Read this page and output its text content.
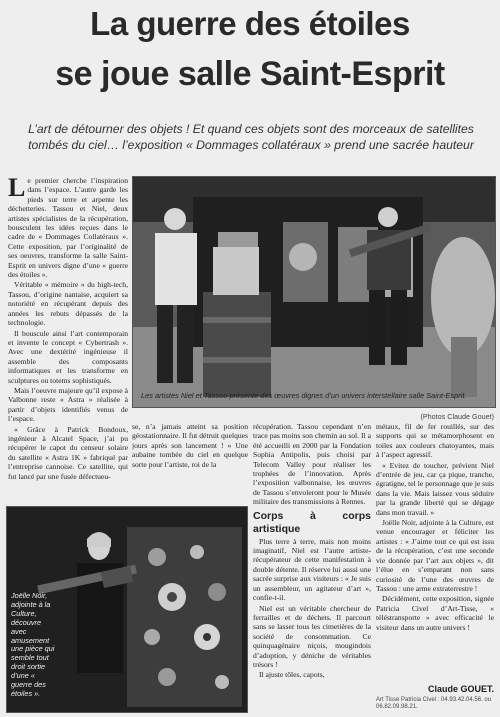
La guerre des étoiles
se joue salle Saint-Esprit
L’art de détourner des objets ! Et quand ces objets sont des morceaux de satellites tombés du ciel… l’exposition « Dommages collatéraux » prend une sacrée hauteur

Le premier cherche l’inspiration dans l’espace. L’autre garde les pieds sur terre et arpente les déchetteries. Tassou et Niel, deux artistes spécialistes de la récupération, bousculent les idées reçues dans le cadre de « Dommages Collatéraux ». Cette exposition, par l’originalité de ses oeuvres, transforme la salle Saint-Esprit en univers digne d’une « guerre des étoiles ».

Véritable « mémoire » du high-tech, Tassou, d’origine nantaise, acquiert sa notoriété en récupérant depuis des années les rebuts dépassés de la technologie.

Il bouscule ainsi l’art contemporain et invente le concept « Cybertrash ». Avec une dextérité ingénieuse il assemble des composants informatiques et les transforme en sculptures ou totems sophistiqués.

Mais l’oeuvre majeure qu’il expose à Valbonne reste « Astra » réalisée à partir d’objets identifiés venus de l’espace.

« Grâce à Patrick Bondoux, ingénieur à Alcatel Space, j’ai pu récupérer le capot du censeur solaire du satellite « Astra 1K » fabriqué par l’entreprise cannoise. Ce satellite, qui fut lancé par une fusée défectueu-

Les artistes Niel et Tassou présente des œuvres dignes d’un univers interstellaire salle Saint-Esprit.
(Photos Claude Gouet)

se, n’a jamais atteint sa position géostationnaire. Il fut détruit quelques jours après son lancement ! » Une aubaine tombée du ciel en quelque sorte pour l’artiste, roi de la

récupération. Tassou cependant n’en trace pas moins son chemin au sol. Il a été accueilli en 2000 par la Fondation Sophia Antipolis, puis choisi par Telecom Valley pour réaliser les trophées de l’innovation. Après l’exposition valbonnaise, les œuvres de Tassou s’envoleront pour le Musée militaire des transmissions à Rennes.

Corps à corps artistique

Plus terre à terre, mais non moins imaginatif, Niel est l’autre artiste-récupérateur de cette manifestation à double détente. Il réserve lui aussi une sacrée surprise aux visiteurs : « Je suis un assembleur, un agitateur d’art », confie-t-il.

Niel est un véritable chercheur de ferrailles et de déchets. Il parcourt sans se lasser tous les cimetières de la société de consommation. Ce quinquagénaire niçois, mougindois d’adoption, y déniche de véritables trésors !

Il ajuste tôles, capots,

métaux, fil de fer rouillés, sur des supports qui se métamorphosent en toiles aux couleurs chatoyantes, mais à l’aspect agressif.

« Evitez de toucher, prévient Niel d’entrée de jeu, car ça pique, tranche, égratigne, tel le personnage que je suis dans la vie. Mais laissez vous séduire par la grande liberté qui se dégage dans mon travail. »

Joëlle Noir, adjointe à la Culture, est venue encourager et féliciter les artistes : « J’aime tout ce qui est issu de la récupération, c’est une seconde vie donnée par l’art aux objets », dit l’élue en s’emparant non sans curiosité de l’une des œuvres de Tassou : une arme extraterrestre !

Décidément, cette exposition, signée Patricia Civel d’Art-Tisse, « téléstransporte » avec efficacité le visiteur dans un autre univers !

Claude GOUET.
Art Tisse Patricia Civel : 04.93.42.04.56. ou 06.82.09.98.21.
Joëlle Noir, adjointe à la Culture, découvre avec amusement une pièce qui semble tout droit sortie d’une « guerre des étoiles ».
